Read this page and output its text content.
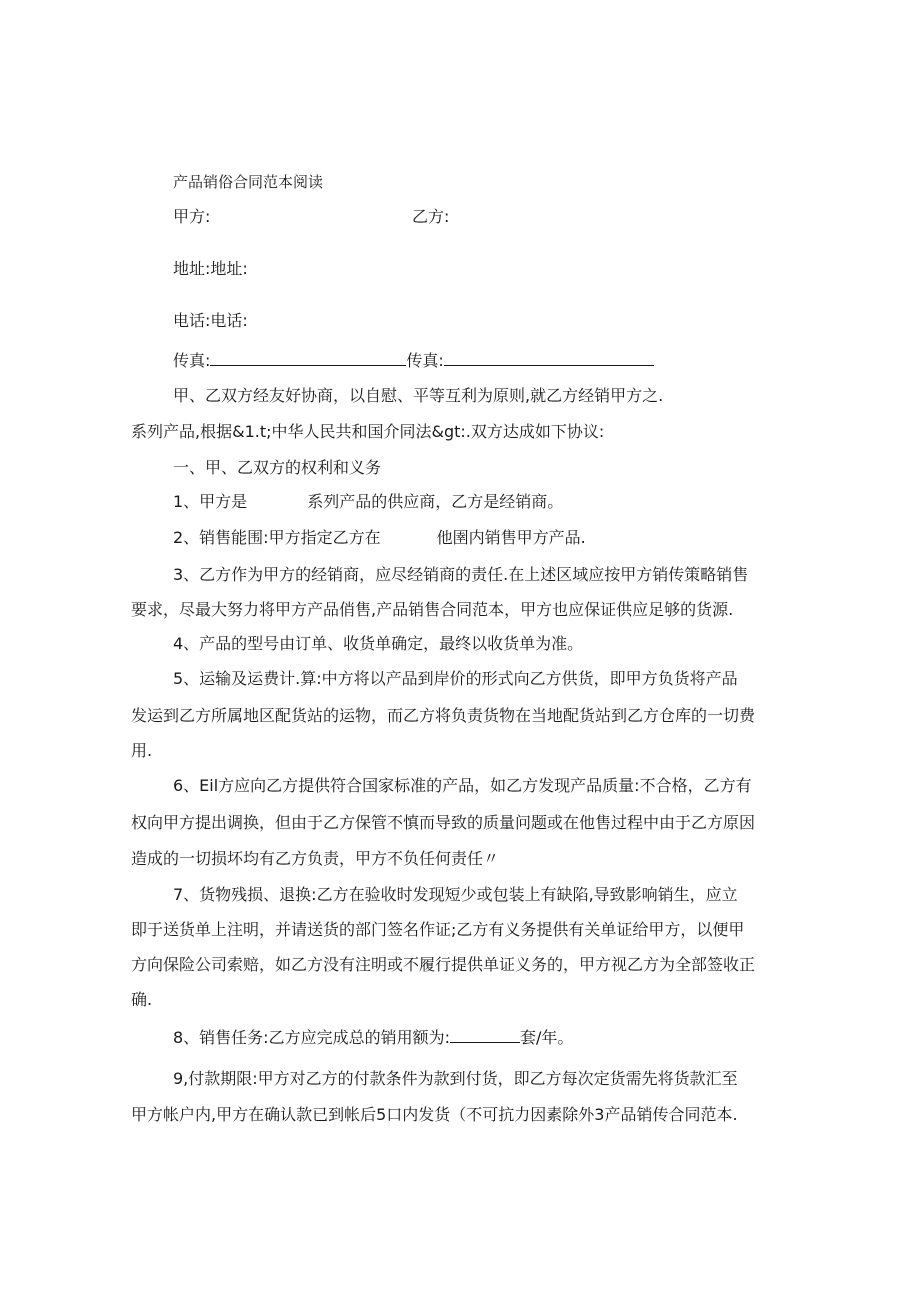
产品销俗合同范本阅读
甲方:	乙方:
地址:地址:
电话:电话:
传真:	传真:
甲、乙双方经友好协商，以自慰、平等互利为原则,就乙方经销甲方之.
系列产品,根据&1.t;中华人民共和国介同法&gt:.双方达成如下协议:
一、甲、乙双方的权利和义务
1、甲方是	系列产品的供应商，乙方是经销商。
2、销售能围:甲方指定乙方在	他圉内销售甲方产品.
3、乙方作为甲方的经销商，应尽经销商的责任.在上述区域应按甲方销传策略销售
要求，尽最大努力将甲方产品俏售,产品销售合同范本，甲方也应保证供应足够的货源.
4、产品的型号由订单、收货单确定，最终以收货单为准。
5、运输及运费计.算:中方将以产品到岸价的形式向乙方供货，即甲方负货将产品
发运到乙方所属地区配货站的运物，而乙方将负责货物在当地配货站到乙方仓库的一切费
用.
6、Eil方应向乙方提供符合国家标准的产品，如乙方发现产品质量:不合格，乙方有
权向甲方提出调换，但由于乙方保管不慎而导致的质量问题或在他售过程中由于乙方原因
造成的一切损坏均有乙方负责，甲方不负任何责任〃
7、货物残损、退换:乙方在验收时发现短少或包装上有缺陷,导致影响销生，应立
即于送货单上注明，并请送货的部门签名作证;乙方有义务提供有关单证给甲方，以便甲
方向保险公司索赔，如乙方没有注明或不履行提供单证义务的，甲方视乙方为全部签收正
确.
8、销售任务:乙方应完成总的销用额为:	套/年。
9,付款期限:甲方对乙方的付款条件为款到付货，即乙方每次定货需先将货款汇至
甲方帐户内,甲方在确认款已到帐后5口内发货（不可抗力因素除外3产品销传合同范本.
